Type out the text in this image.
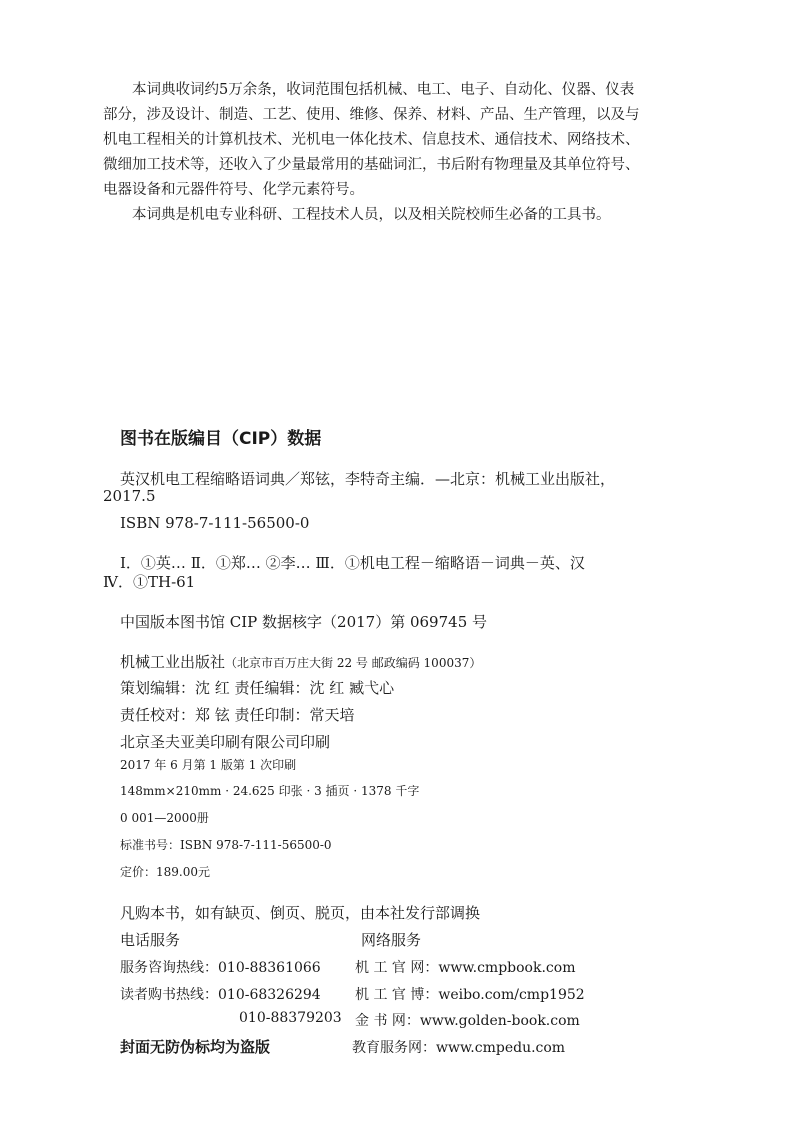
本词典收词约5万余条，收词范围包括机械、电工、电子、自动化、仪器、仪表

部分，涉及设计、制造、工艺、使用、维修、保养、材料、产品、生产管理，以及与

机电工程相关的计算机技术、光机电一体化技术、信息技术、通信技术、网络技术、

微细加工技术等，还收入了少量最常用的基础词汇，书后附有物理量及其单位符号、

电器设备和元器件符号、化学元素符号。

本词典是机电专业科研、工程技术人员，以及相关院校师生必备的工具书。

图书在版编目（CIP）数据
英汉机电工程缩略语词典／郑铉，李特奇主编．—北京：机械工业出版社，
2017.5
ISBN 978-7-111-56500-0
Ⅰ．①英… Ⅱ．①郑… ②李… Ⅲ．①机电工程－缩略语－词典－英、汉
Ⅳ．①TH-61
中国版本图书馆 CIP 数据核字（2017）第 069745 号
机械工业出版社（北京市百万庄大街 22 号 邮政编码 100037）
策划编辑：沈 红 责任编辑：沈 红 臧弋心
责任校对：郑 铉 责任印制：常天培
北京圣夫亚美印刷有限公司印刷
2017 年 6 月第 1 版第 1 次印刷
148mm×210mm · 24.625 印张 · 3 插页 · 1378 千字
0 001—2000册
标准书号：ISBN 978-7-111-56500-0
定价：189.00元
凡购本书，如有缺页、倒页、脱页，由本社发行部调换
电话服务	网络服务
服务咨询热线：010-88361066 机 工 官 网：www.cmpbook.com
读者购书热线：010-68326294 机 工 官 博：weibo.com/cmp1952
010-88379203 金 书 网：www.golden-book.com
封面无防伪标均为盗版	教育服务网：www.cmpedu.com
